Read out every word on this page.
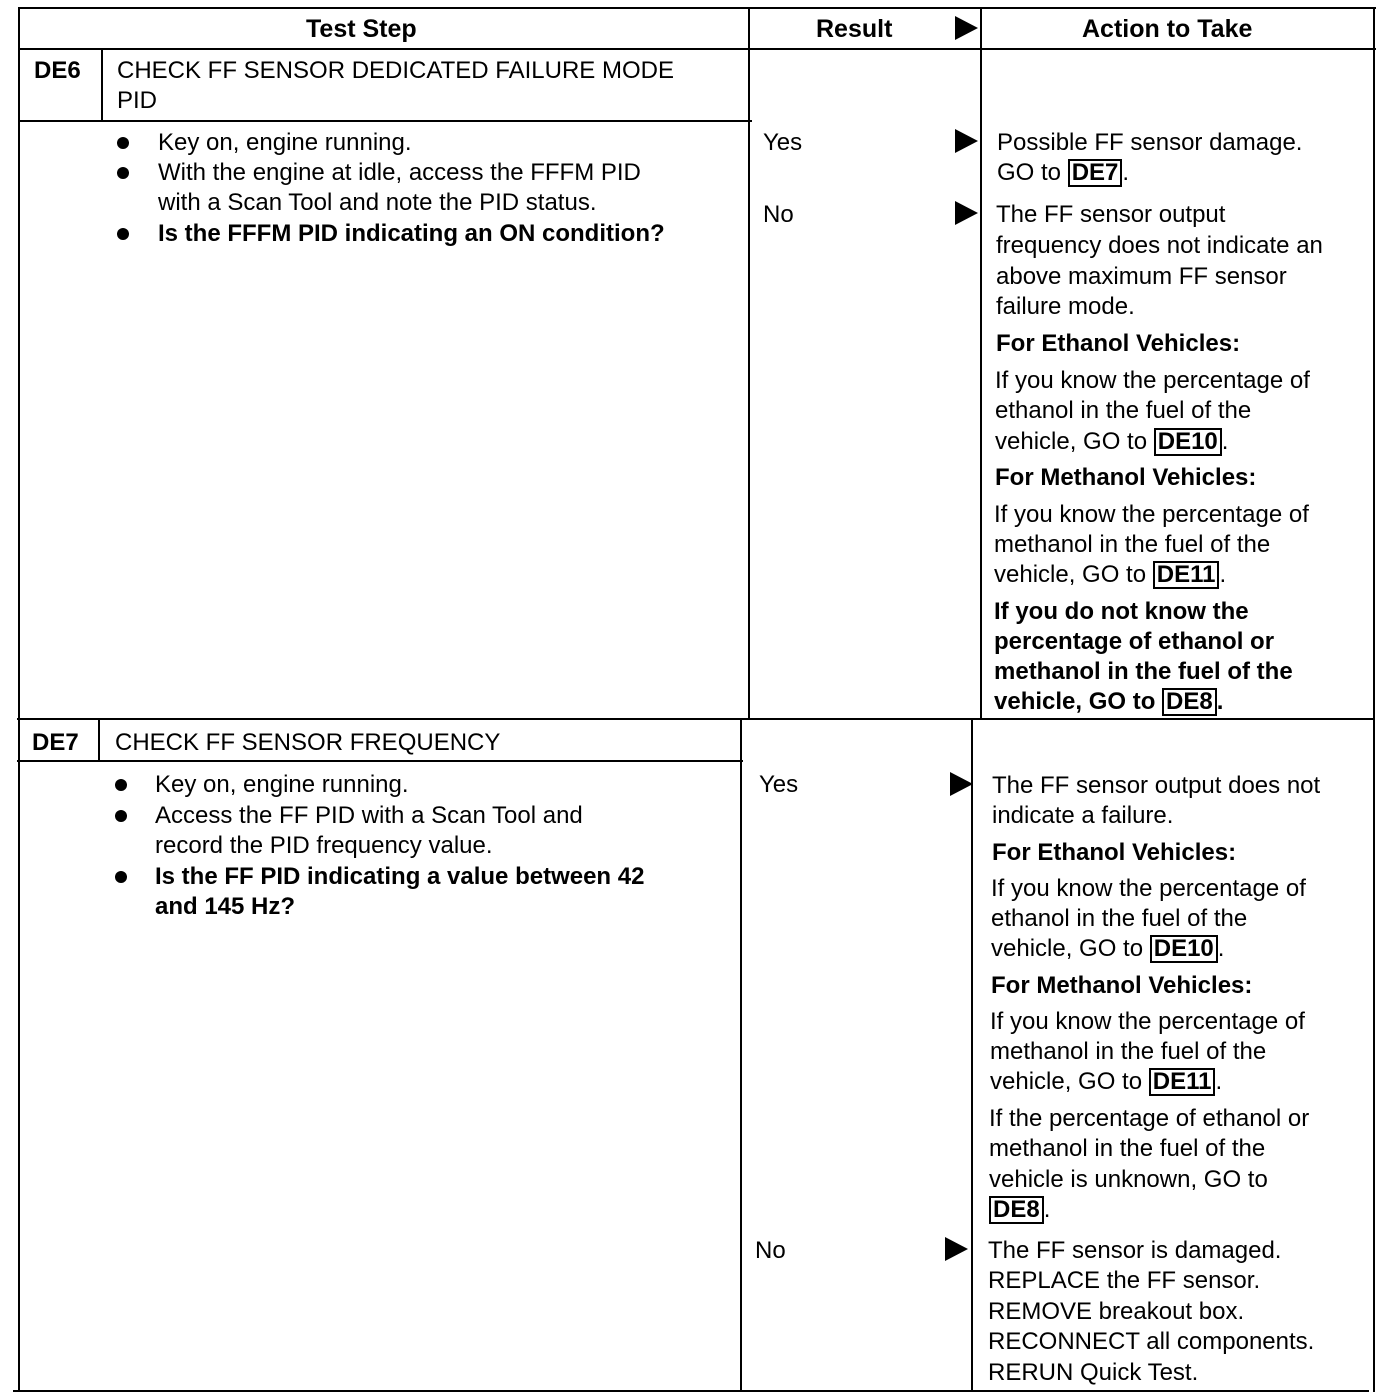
Test Step	Result	Action to Take
DE6 CHECK FF SENSOR DEDICATED FAILURE MODE
PID
Key on, engine running.
With the engine at idle, access the FFFM PID
with a Scan Tool and note the PID status.
Is the FFFM PID indicating an ON condition?
Yes	Possible FF sensor damage.
GO to DE7 .
No	The FF sensor output
frequency does not indicate an
above maximum FF sensor
failure mode.
For Ethanol Vehicles:
If you know the percentage of
ethanol in the fuel of the
vehicle, GO to DE10 .
For Methanol Vehicles:
If you know the percentage of
methanol in the fuel of the
vehicle, GO to DE11 .
If you do not know the
percentage of ethanol or
methanol in the fuel of the
vehicle, GO to DE8 .
DE7 CHECK FF SENSOR FREQUENCY
Key on, engine running.
Access the FF PID with a Scan Tool and
record the PID frequency value.
Is the FF PID indicating a value between 42
and 145 Hz?
Yes	The FF sensor output does not
indicate a failure.
For Ethanol Vehicles:
If you know the percentage of
ethanol in the fuel of the
vehicle, GO to DE10 .
For Methanol Vehicles:
If you know the percentage of
methanol in the fuel of the
vehicle, GO to DE11 .
If the percentage of ethanol or
methanol in the fuel of the
vehicle is unknown, GO to
DE8 .
No	The FF sensor is damaged.
REPLACE the FF sensor.
REMOVE breakout box.
RECONNECT all components.
RERUN Quick Test.
